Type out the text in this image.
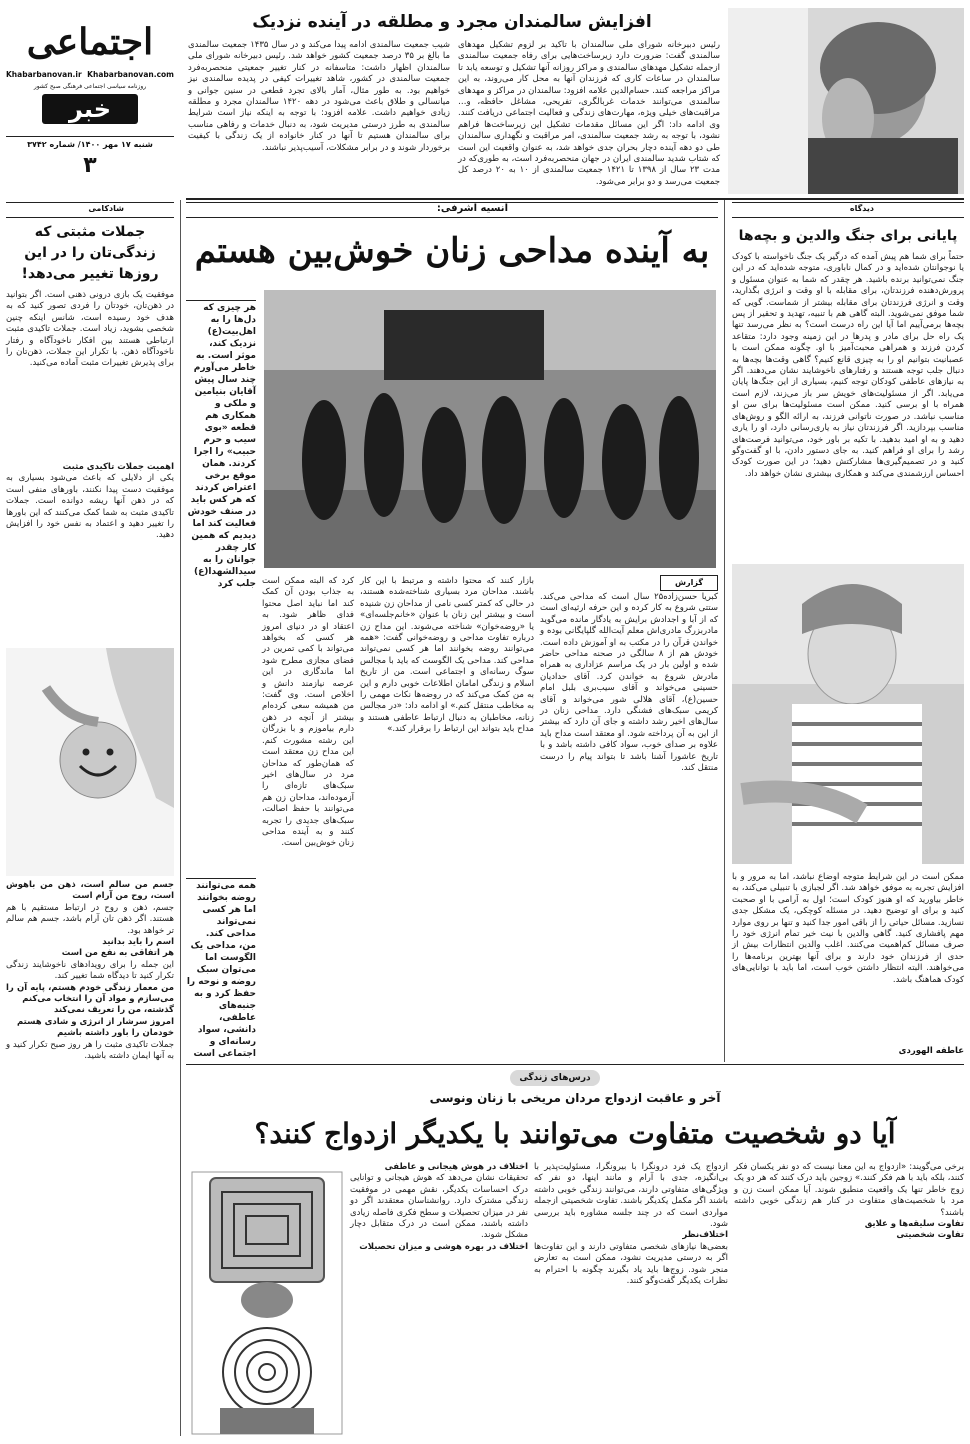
اجتماعی
Khabarbanovan.ir Khabarbanovan.com
روزنامه سیاسی اجتماعی فرهنگی صبح کشور
خبر
شنبه ۱۷ مهر ۱۴۰۰/ شماره ۳۷۴۲
۳
افزایش سالمندان مجرد و مطلقه در آینده نزدیک
رئیس دبیرخانه شورای ملی سالمندان با تاکید بر لزوم تشکیل مهدهای سالمندی گفت: ضرورت دارد زیرساخت‌هایی برای رفاه جمعیت سالمندی ازجمله تشکیل مهدهای سالمندی و مراکز روزانه آنها تشکیل و توسعه یابد تا سالمندان در ساعات کاری که فرزندان آنها به محل کار می‌روند، به این مراکز مراجعه کنند. حسام‌الدین علامه افزود: سالمندان در مراکز و مهدهای سالمندی می‌توانند خدمات غربالگری، تفریحی، مشاغل حافظه، و… مراقبت‌های خیلی ویژه، مهارت‌های زندگی و فعالیت اجتماعی دریافت کنند. وی ادامه داد: اگر این مسائل مقدمات تشکیل این زیرساخت‌ها فراهم نشود، با توجه به رشد جمعیت سالمندی، امر مراقبت و نگهداری سالمندان طی دو دهه آینده دچار بحران جدی خواهد شد، به عنوان واقعیت این است که شتاب شدید سالمندی ایران در جهان منحصربه‌فرد است، به طوری‌که در مدت ۲۳ سال از ۱۳۹۸ تا ۱۴۲۱ جمعیت سالمندی از ۱۰ به ۲۰ درصد کل جمعیت می‌رسد و دو برابر می‌شود.
شیب جمعیت سالمندی ادامه پیدا می‌کند و در سال ۱۴۳۵ جمعیت سالمندی ما بالغ بر ۳۵ درصد جمعیت کشور خواهد شد. رئیس دبیرخانه شورای ملی سالمندان اظهار داشت: متاسفانه در کنار تغییر جمعیتی منحصربه‌فرد جمعیت سالمندی در کشور، شاهد تغییرات کیفی در پدیده سالمندی نیز خواهیم بود. به طور مثال، آمار بالای تجرد قطعی در سنین جوانی و میانسالی و طلاق باعث می‌شود در دهه ۱۴۲۰ سالمندان مجرد و مطلقه زیادی خواهیم داشت. علامه افزود: با توجه به اینکه نیاز است شرایط سالمندی به طرز درستی مدیریت شود، به دنبال خدمات و رفاهی مناسب برای سالمندان هستیم تا آنها در کنار خانواده از یک زندگی با کیفیت برخوردار شوند و در برابر مشکلات، آسیب‌پذیر نباشند.
شادکامی
جملات مثبتی که زندگی‌تان را در این روزها تغییر می‌دهد!
موفقیت یک بازی درونی ذهنی است. اگر بتوانید در ذهن‌تان، خودتان را فردی تصور کنید که به هدف خود رسیده است، شانس اینکه چنین شخصی بشوید، زیاد است. جملات تاکیدی مثبت ارتباطی هستند بین افکار ناخودآگاه و رفتار ناخودآگاه ذهن. با تکرار این جملات، ذهن‌تان را برای پذیرش تغییرات مثبت آماده می‌کنید.
اهمیت جملات تاکیدی مثبت
یکی از دلایلی که باعث می‌شود بسیاری به موفقیت دست پیدا نکنند، باورهای منفی است که در ذهن آنها ریشه دوانده است. جملات تاکیدی مثبت به شما کمک می‌کنند که این باورها را تغییر دهید و اعتماد به نفس خود را افزایش دهید.
جسم من سالم است، ذهن من باهوش است، روح من آرام است
جسم، ذهن و روح در ارتباط مستقیم با هم هستند. اگر ذهن تان آرام باشد، جسم هم سالم تر خواهد بود.
اسم را باید بدانید
هر اتفاقی به نفع من است
این جمله را برای رویدادهای ناخوشایند زندگی تکرار کنید تا دیدگاه شما تغییر کند.
من معمار زندگی خودم هستم، پایه آن را می‌سازم و مواد آن را انتخاب می‌کنم
گذشته، من را تعریف نمی‌کند
امروز سرشار از انرژی و شادی هستم
خودمان را باور داشته باشیم
جملات تاکیدی مثبت را هر روز صبح تکرار کنید و به آنها ایمان داشته باشید.
انسیه اشرفی:
به آینده مداحی زنان خوش‌بین هستم
هر چیزی که دل‌ها را به اهل‌بیت(ع) نزدیک کند، موثر است. به خاطر می‌آورم چند سال پیش آقایان بنیامین و ملکی و همکاری هم قطعه «بوی سیب و حرم حبیب» را اجرا کردند. همان موقع برخی اعتراض کردند که هر کس باید در صنف خودش فعالیت کند اما دیدیم که همین کار چقدر جوانان را به سیدالشهدا(ع) جلب کرد	گزارش
کبریا حسن‌زاده۲۵ سال است که مداحی می‌کند. ستتی شروع به کار کرده و این حرفه ارثیه‌ای است که از آبا و اجدادش برایش به یادگار مانده می‌گوید مادربزرگ مادری‌اش معلم آیت‌الله گلپایگانی بوده و خواندن قرآن را در مکتب به او آموزش داده است. خودش هم از ۸ سالگی در صحنه مداحی حاضر شده و اولین بار در یک مراسم عزاداری به همراه مادرش شروع به خواندن کرد. آقای حدادیان حسینی می‌خواند و آقای سیب‌بری بلبل امام حسین(ع)، آقای هلالی شور می‌خواند و آقای کریمی سبک‌های فشنگی دارد. مداحی زنان در سال‌های اخیر رشد داشته و جای آن دارد که بیشتر از این به آن پرداخته شود. او معتقد است مداح باید علاوه بر صدای خوب، سواد کافی داشته باشد و با تاریخ عاشورا آشنا باشد تا بتواند پیام را درست منتقل کند.
بازار کنند که محتوا داشته و مرتبط با این کار باشند. مداحان مرد بسیاری شناخته‌شده هستند، در حالی که کمتر کسی نامی از مداحان زن شنیده است و بیشتر این زنان با عنوان «خانم‌جلسه‌ای» یا «روضه‌خوان» شناخته می‌شوند. این مداح زن درباره تفاوت مداحی و روضه‌خوانی گفت: «همه می‌توانند روضه بخوانند اما هر کسی نمی‌تواند مداحی کند. مداحی یک الگوست که باید با مجالس سوگ رسانه‌ای و اجتماعی است. من از تاریخ اسلام و زندگی امامان اطلاعات خوبی دارم و این به من کمک می‌کند که در روضه‌ها نکات مهمی را به مخاطب منتقل کنم.» او ادامه داد: «در مجالس زنانه، مخاطبان به دنبال ارتباط عاطفی هستند و مداح باید بتواند این ارتباط را برقرار کند.»
کرد که البته ممکن است به جذاب بودن آن کمک کند اما نباید اصل محتوا فدای ظاهر شود. به اعتقاد او در دنیای امروز هر کسی که بخواهد می‌تواند با کمی تمرین در فضای مجازی مطرح شود اما ماندگاری در این عرصه نیازمند دانش و اخلاص است. وی گفت: من همیشه سعی کرده‌ام بیشتر از آنچه در ذهن دارم بیاموزم و با بزرگان این رشته مشورت کنم. این مداح زن معتقد است که همان‌طور که مداحان مرد در سال‌های اخیر سبک‌های تازه‌ای را آزموده‌اند، مداحان زن هم می‌توانند با حفظ اصالت، سبک‌های جدیدی را تجربه کنند و به آینده مداحی زنان خوش‌بین است.
همه می‌توانند روضه بخوانند اما هر کسی نمی‌تواند مداحی کند. من، مداحی یک الگوست اما می‌توان سبک روضه و نوحه را حفظ کرد و به جنبه‌های عاطفی، دانشی، سواد رسانه‌ای و اجتماعی است
دیدگاه
پایانی برای جنگ والدین و بچه‌ها
حتماً برای شما هم پیش آمده که درگیر یک جنگ ناخواسته با کودک یا نوجوانتان شده‌اید و در کمال ناباوری، متوجه شده‌اید که در این جنگ نمی‌توانید برنده باشید. هر چقدر که شما به عنوان مسئول و پرورش‌دهنده فرزندتان، برای مقابله با او وقت و انرژی بگذارید، وقت و انرژی فرزندتان برای مقابله بیشتر از شماست. گویی که شما موفق نمی‌شوید. البته گاهی هم با تنبیه، تهدید و تحقیر از پس بچه‌ها برمی‌آییم اما آیا این راه درست است؟ به نظر می‌رسد تنها یک راه حل برای مادر و پدرها در این زمینه وجود دارد: متقاعد کردن فرزند و همراهی محبت‌آمیز با او. چگونه ممکن است با عصبانیت بتوانیم او را به چیزی قانع کنیم؟ گاهی وقت‌ها بچه‌ها به دنبال جلب توجه هستند و رفتارهای ناخوشایند نشان می‌دهند. اگر به نیازهای عاطفی کودکان توجه کنیم، بسیاری از این جنگ‌ها پایان می‌یابد. اگر از مسئولیت‌های خویش سر باز می‌زند، لازم است همراه با او برسی کنید. ممکن است مسئولیت‌ها برای سن او مناسب نباشد. در صورت ناتوانی فرزند، به ارائه الگو و روش‌های مناسب بپردازید. اگر فرزندتان نیاز به یاری‌رسانی دارد، او را یاری دهید و به او امید بدهید. با تکیه بر باور خود، می‌توانید فرصت‌های رشد را برای او فراهم کنید. به جای دستور دادن، با او گفت‌وگو کنید و در تصمیم‌گیری‌ها مشارکتش دهید؛ در این صورت کودک احساس ارزشمندی می‌کند و همکاری بیشتری نشان خواهد داد.
ممکن است در این شرایط متوجه اوضاع نباشد، اما به مرور و با افزایش تجربه به موفق خواهد شد. اگر لجبازی با تنبیلی می‌کند، به خاطر بیاورید که او هنوز کودک است؛ اول به آرامی با او صحبت کنید و برای او توضیح دهید. در مسئله کوچکی، یک مشکل جدی نسازید. مسائل حیاتی را از باقی امور جدا کنید و تنها بر روی موارد مهم پافشاری کنید. گاهی والدین با نیت خیر تمام انرژی خود را صرف مسائل کم‌اهمیت می‌کنند. اغلب والدین انتظارات بیش از حدی از فرزندان خود دارند و برای آنها بهترین برنامه‌ها را می‌خواهند. البته انتظار داشتن خوب است، اما باید با توانایی‌های کودک هماهنگ باشد.
عاطفه الهوردی
درس‌های زندگی
آخر و عاقبت ازدواج مردان مریخی با زنان ونوسی
آیا دو شخصیت متفاوت می‌توانند با یکدیگر ازدواج کنند؟
برخی می‌گویند: «ازدواج به این معنا نیست که دو نفر یکسان فکر کنند، بلکه باید با هم فکر کنند.» زوجین باید درک کنند که هر دو یک زوج خاطر تنها یک واقعیت منطبق شوند. آیا ممکن است زن و مرد با شخصیت‌های متفاوت در کنار هم زندگی خوبی داشته باشند؟
تفاوت سلیقه‌ها و علایق
تفاوت شخصیتی
ازدواج یک فرد درونگرا با بیرونگرا، مسئولیت‌پذیر با بی‌انگیزه، جدی با آرام و مانند اینها، دو نفر که ویژگی‌های متفاوتی دارند، می‌توانند زندگی خوبی داشته باشند اگر مکمل یکدیگر باشند. تفاوت شخصیتی ازجمله مواردی است که در چند جلسه مشاوره باید بررسی شود.
اختلاف‌نظر
بعضی‌ها نیازهای شخصی متفاوتی دارند و این تفاوت‌ها اگر به درستی مدیریت نشود، ممکن است به تعارض منجر شود. زوج‌ها باید یاد بگیرند چگونه با احترام به نظرات یکدیگر گفت‌وگو کنند.
اختلاف در هوش هیجانی و عاطفی
تحقیقات نشان می‌دهد که هوش هیجانی و توانایی درک احساسات یکدیگر، نقش مهمی در موفقیت زندگی مشترک دارد. روانشناسان معتقدند اگر دو نفر در میزان تحصیلات و سطح فکری فاصله زیادی داشته باشند، ممکن است در درک متقابل دچار مشکل شوند.
اختلاف در بهره هوشی و میزان تحصیلات
